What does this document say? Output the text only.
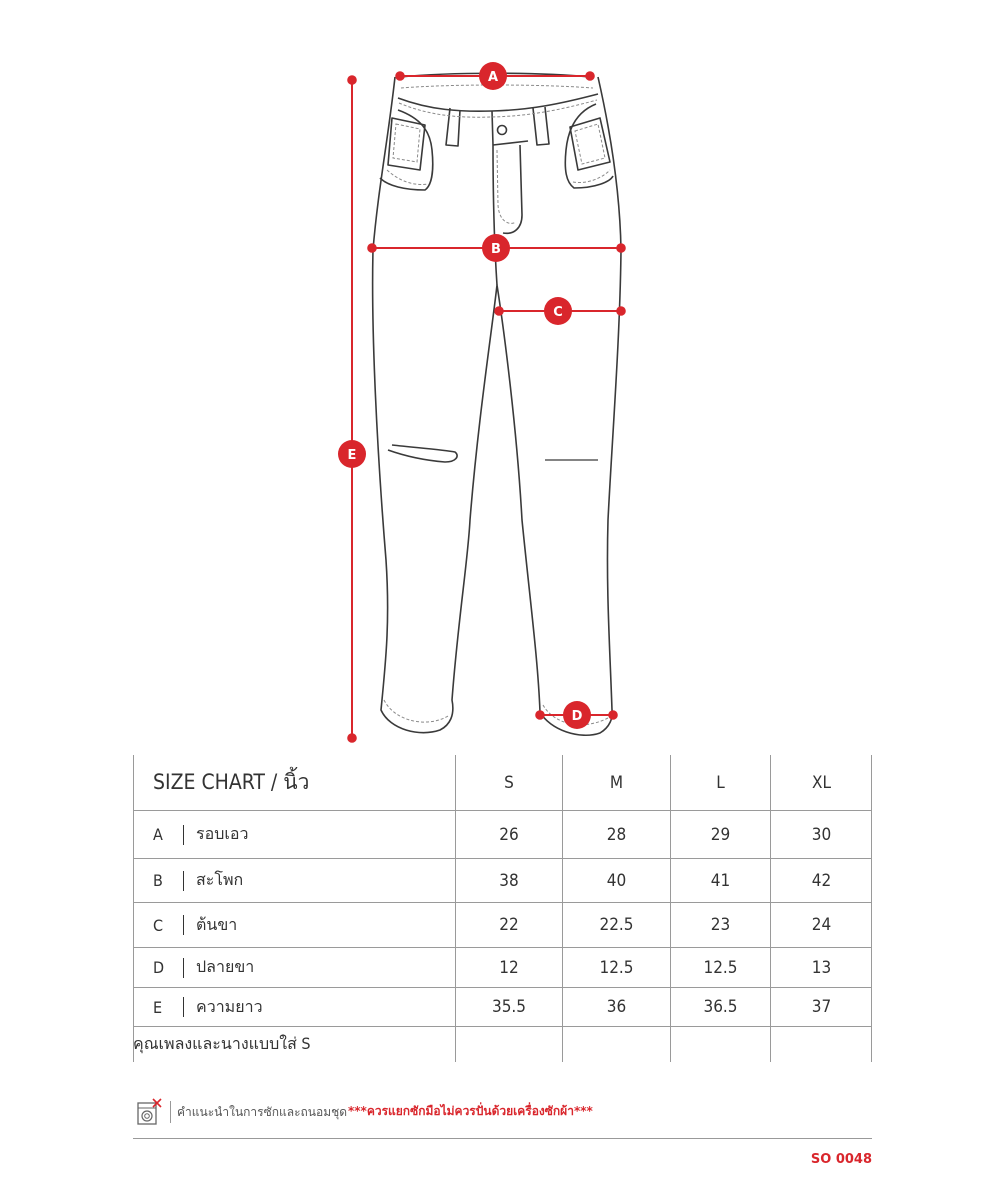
A
B
C
D
E
SIZE CHART / นิ้ว	S	M	L	XL
A รอบเอว	26	28	29	30
B สะโพก	38	40	41	42
C ต้นขา	22	22.5	23	24
D ปลายขา	12	12.5	12.5	13
E ความยาว	35.5	36	36.5	37
คุณเพลงและนางแบบใส่ S
คำแนะนำในการซักและถนอมชุด ***ควรแยกซักมือไม่ควรปั่นด้วยเครื่องซักผ้า***
SO 0048
